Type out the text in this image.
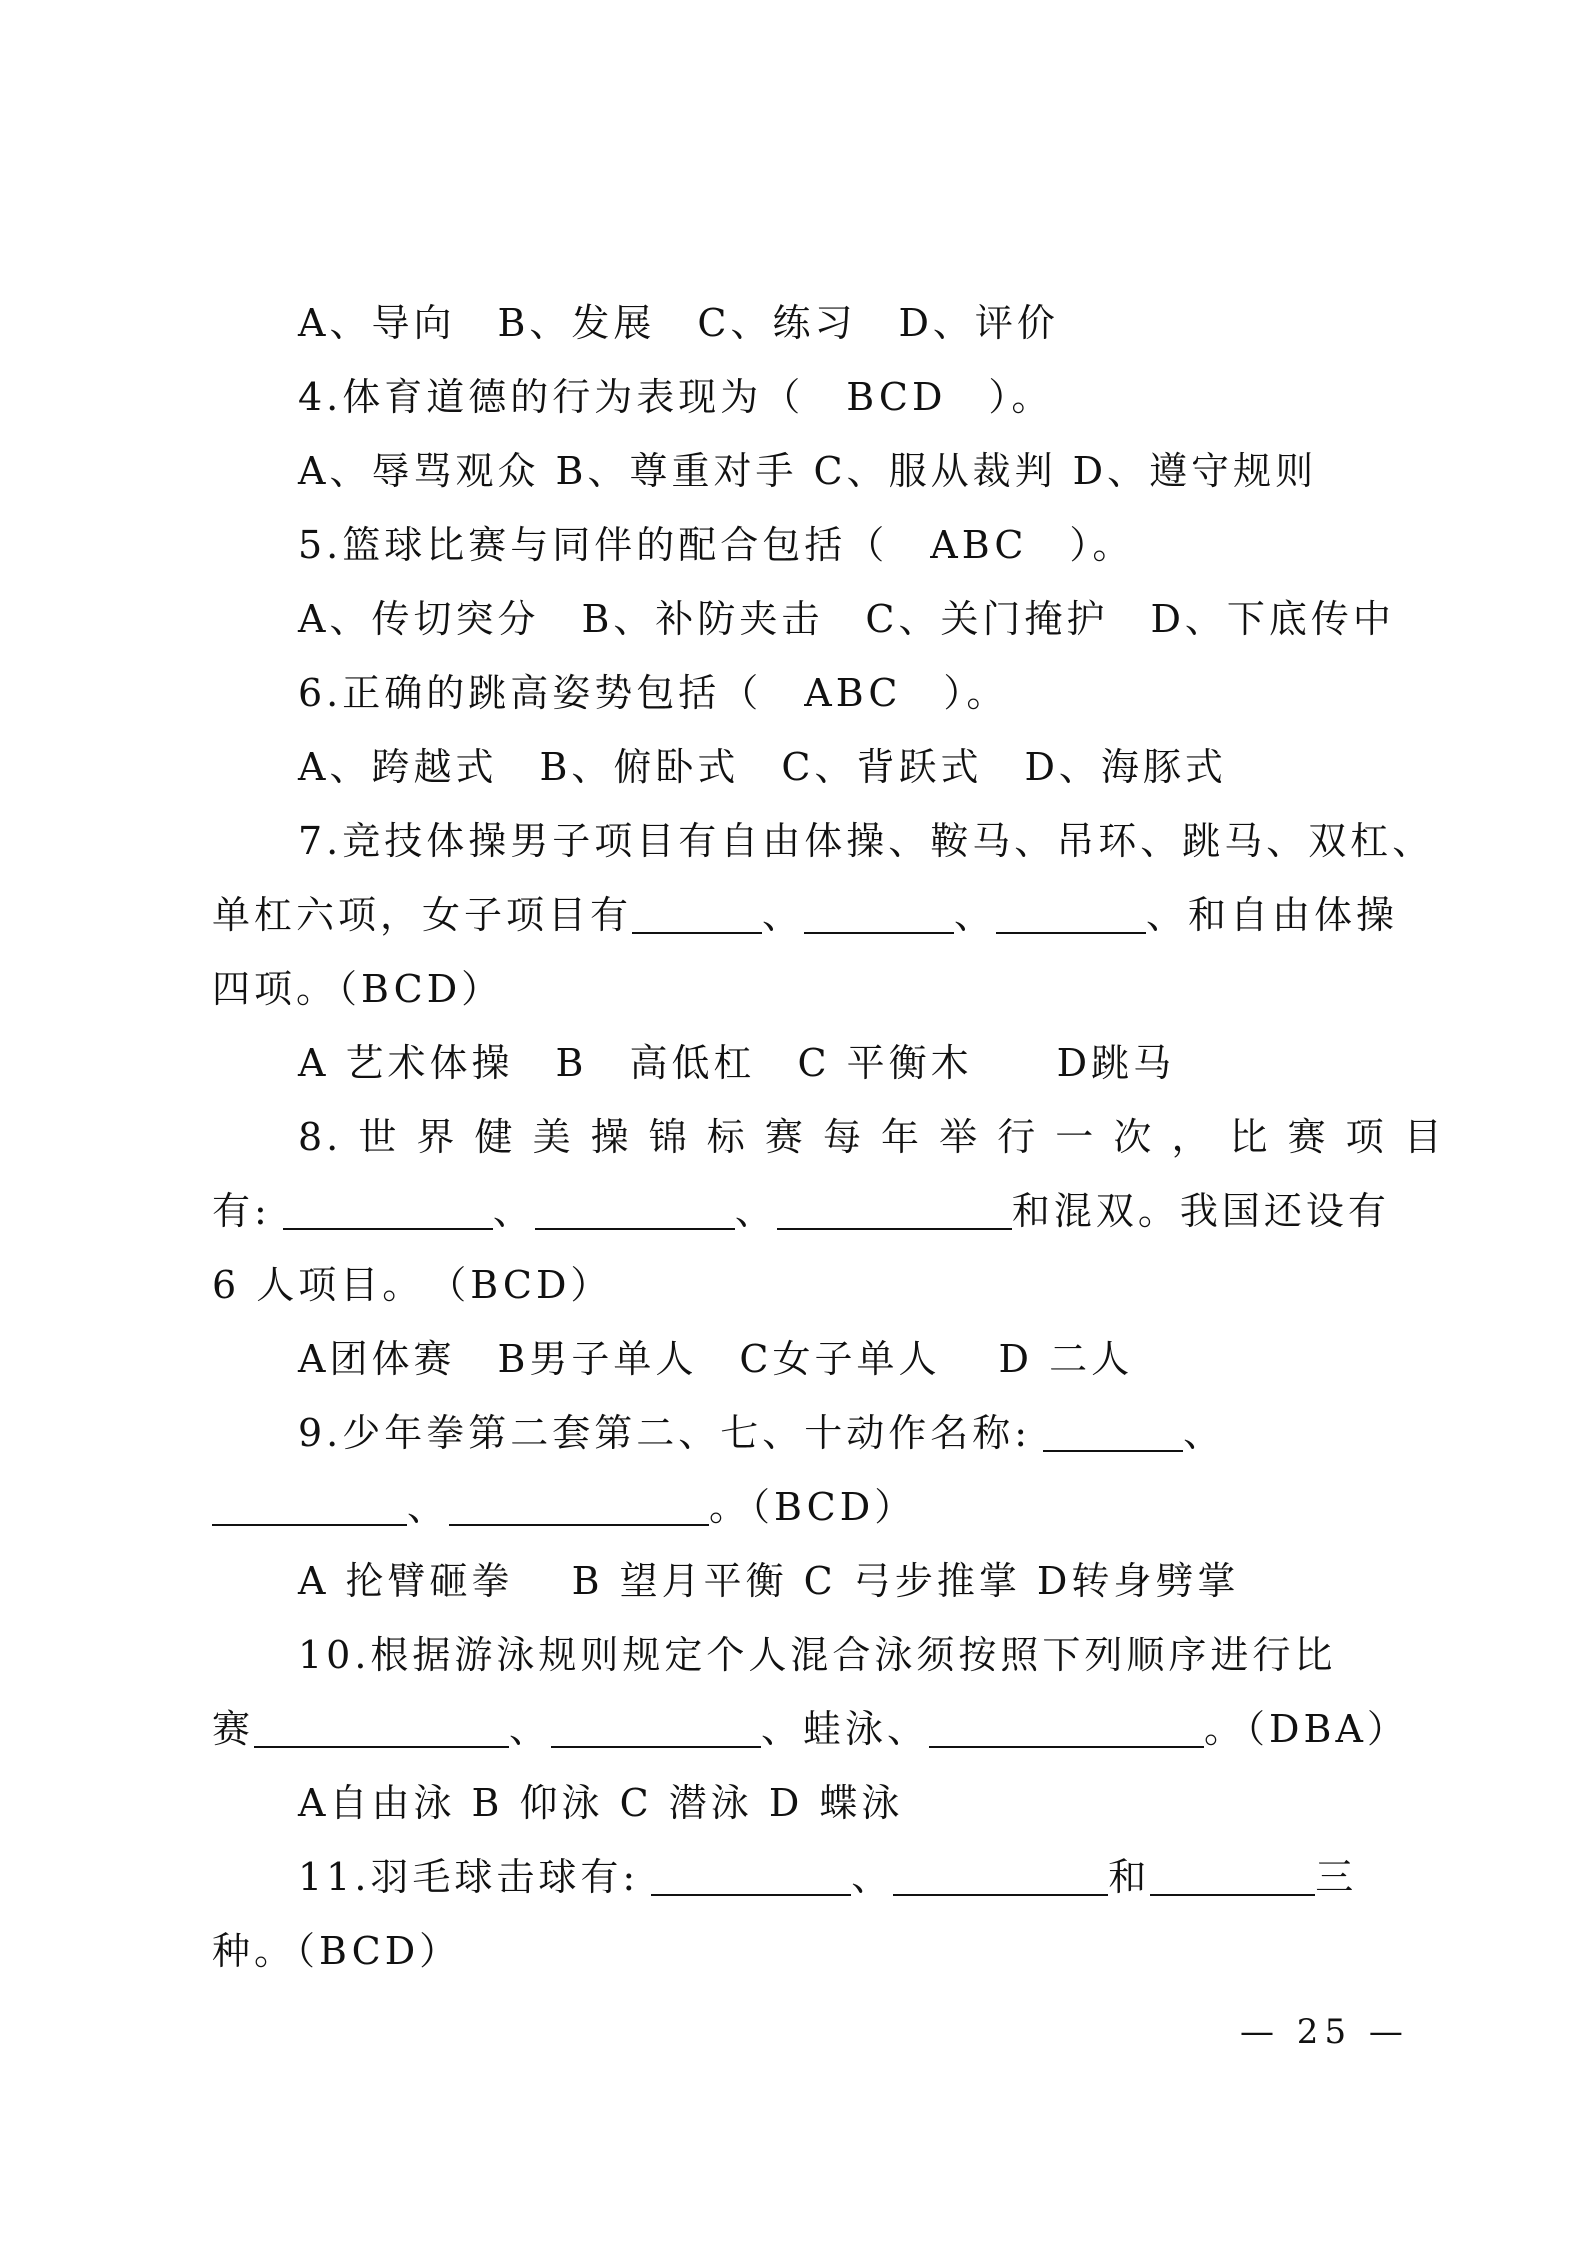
A、导向　B、发展　C、练习　D、评价
4.体育道德的行为表现为（　BCD　）。
A、辱骂观众 B、尊重对手 C、服从裁判 D、遵守规则
5.篮球比赛与同伴的配合包括（　ABC　）。
A、传切突分　B、补防夹击　C、关门掩护　D、下底传中
6.正确的跳高姿势包括（　ABC　）。
A、跨越式　B、俯卧式　C、背跃式　D、海豚式
7.竞技体操男子项目有自由体操、鞍马、吊环、跳马、双杠、
单杠六项，女子项目有	、	、	、和自由体操
四项。（BCD）
A 艺术体操　B　高低杠　C 平衡木　　D跳马
8. 世 界 健 美 操 锦 标 赛 每 年 举 行 一 次 ， 比 赛 项 目
有:	、	、	和混双。我国还设有
6 人项目。　（BCD）
A团体赛　B男子单人　C女子单人　 D 二人
9.少年拳第二套第二、七、十动作名称:	、
、	。（BCD）
A 抡臂砸拳　 B 望月平衡 C 弓步推掌 D转身劈掌
10.根据游泳规则规定个人混合泳须按照下列顺序进行比
赛	、	、蛙泳、	。（DBA）
A自由泳 B 仰泳 C 潜泳 D 蝶泳
11.羽毛球击球有:	、	和	三
种。（BCD）
— 25 —
